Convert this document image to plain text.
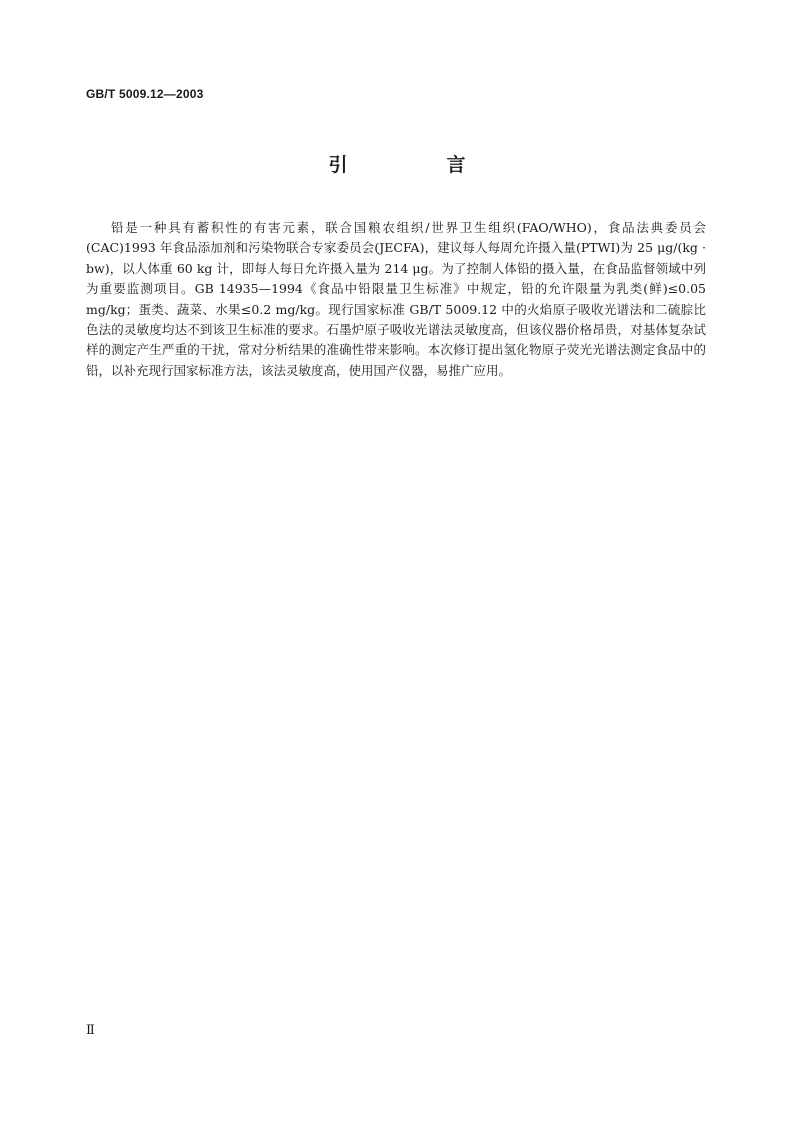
GB/T 5009.12—2003
引　言

铅是一种具有蓄积性的有害元素，联合国粮农组织/世界卫生组织(FAO/WHO)，食品法典委员会(CAC)1993 年食品添加剂和污染物联合专家委员会(JECFA)，建议每人每周允许摄入量(PTWI)为 25 μg/(kg · bw)，以人体重 60 kg 计，即每人每日允许摄入量为 214 μg。为了控制人体铅的摄入量，在食品监督领域中列为重要监测项目。GB 14935—1994《食品中铅限量卫生标准》中规定，铅的允许限量为乳类(鲜)≤0.05 mg/kg；蛋类、蔬菜、水果≤0.2 mg/kg。现行国家标准 GB/T 5009.12 中的火焰原子吸收光谱法和二硫腙比色法的灵敏度均达不到该卫生标准的要求。石墨炉原子吸收光谱法灵敏度高，但该仪器价格昂贵，对基体复杂试样的测定产生严重的干扰，常对分析结果的准确性带来影响。本次修订提出氢化物原子荧光光谱法测定食品中的铅，以补充现行国家标准方法，该法灵敏度高，使用国产仪器，易推广应用。

Ⅱ
